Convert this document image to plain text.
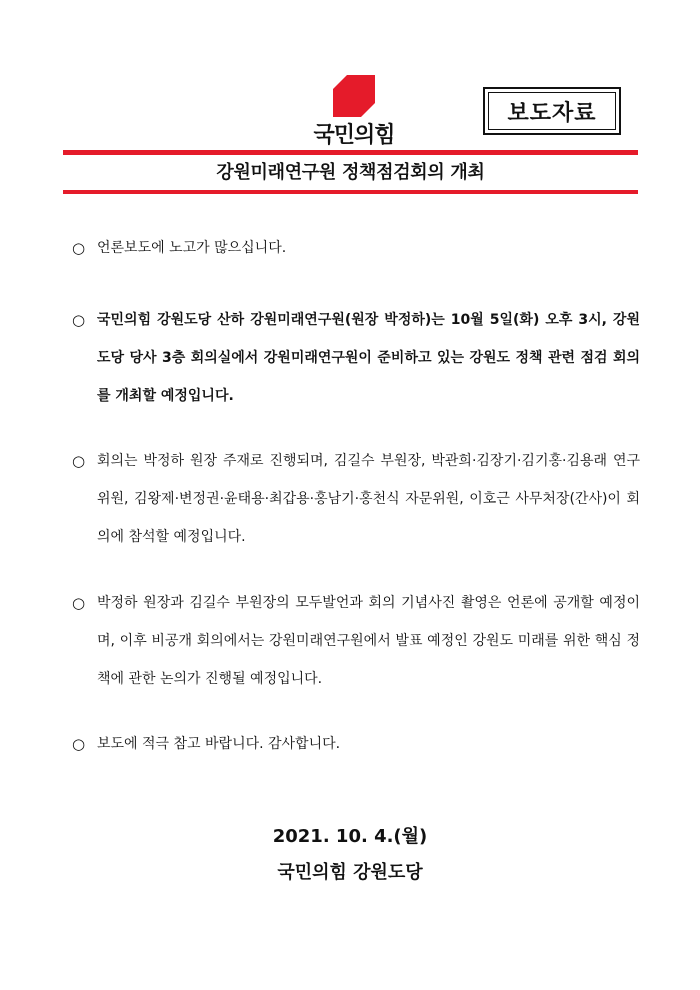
국민의힘
보도자료
강원미래연구원 정책점검회의 개최
○ 언론보도에 노고가 많으십니다.
○ 국민의힘 강원도당 산하 강원미래연구원(원장 박정하)는 10월 5일(화) 오후 3시, 강원도당 당사 3층 회의실에서 강원미래연구원이 준비하고 있는 강원도 정책 관련 점검 회의를 개최할 예정입니다.
○ 회의는 박정하 원장 주재로 진행되며, 김길수 부원장, 박관희·김장기·김기홍·김용래 연구위원, 김왕제·변정권·윤태용·최갑용·홍남기·홍천식 자문위원, 이호근 사무처장(간사)이 회의에 참석할 예정입니다.
○ 박정하 원장과 김길수 부원장의 모두발언과 회의 기념사진 촬영은 언론에 공개할 예정이며, 이후 비공개 회의에서는 강원미래연구원에서 발표 예정인 강원도 미래를 위한 핵심 정책에 관한 논의가 진행될 예정입니다.
○ 보도에 적극 참고 바랍니다. 감사합니다.
2021. 10. 4.(월)
국민의힘 강원도당
